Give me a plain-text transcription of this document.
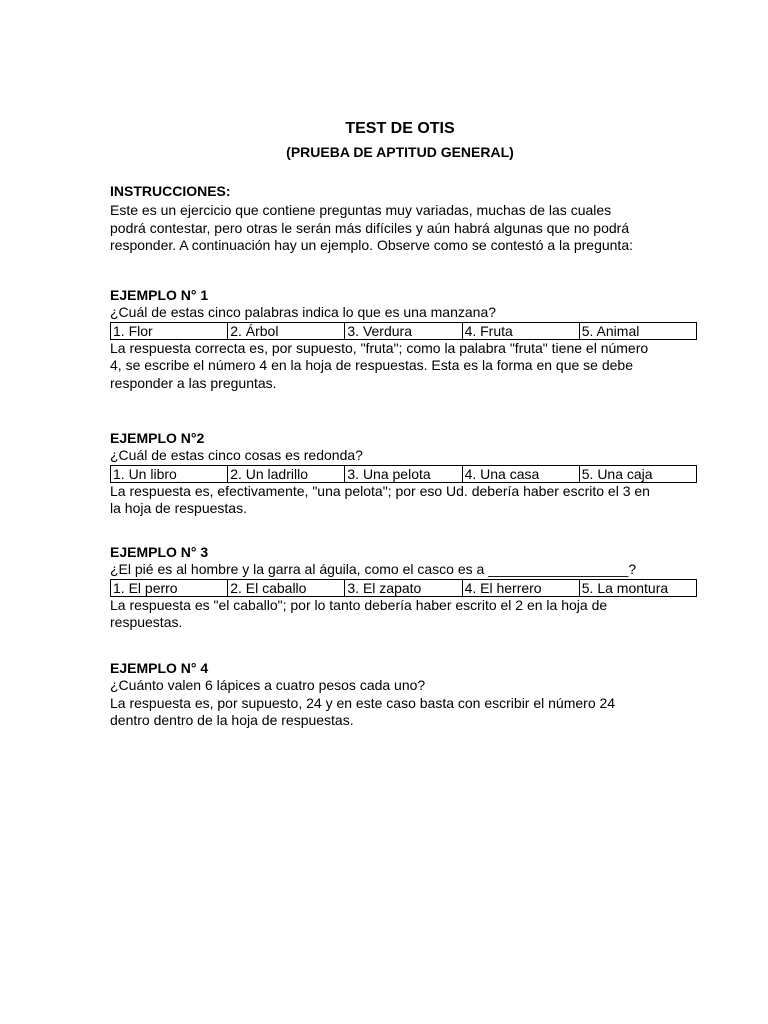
TEST DE OTIS
(PRUEBA DE APTITUD GENERAL)
INSTRUCCIONES:

Este es un ejercicio que contiene preguntas muy variadas, muchas de las cuales

podrá contestar, pero otras le serán más difíciles y aún habrá algunas que no podrá

responder. A continuación hay un ejemplo. Observe como se contestó a la pregunta:

EJEMPLO N° 1

¿Cuál de estas cinco palabras indica lo que es una manzana?

1. Flor	2. Árbol	3. Verdura	4. Fruta	5. Animal

La respuesta correcta es, por supuesto, "fruta"; como la palabra "fruta" tiene el número

4, se escribe el número 4 en la hoja de respuestas. Esta es la forma en que se debe

responder a las preguntas.

EJEMPLO N°2

¿Cuál de estas cinco cosas es redonda?

1. Un libro	2. Un ladrillo	3. Una pelota	4. Una casa	5. Una caja

La respuesta es, efectivamente, "una pelota"; por eso Ud. debería haber escrito el 3 en

la hoja de respuestas.

EJEMPLO N° 3

¿El pié es al hombre y la garra al águila, como el casco es a __________________?

1. El perro	2. El caballo	3. El zapato	4. El herrero	5. La montura

La respuesta es "el caballo"; por lo tanto debería haber escrito el 2 en la hoja de

respuestas.

EJEMPLO N° 4

¿Cuánto valen 6 lápices a cuatro pesos cada uno?

La respuesta es, por supuesto, 24 y en este caso basta con escribir el número 24

dentro dentro de la hoja de respuestas.
